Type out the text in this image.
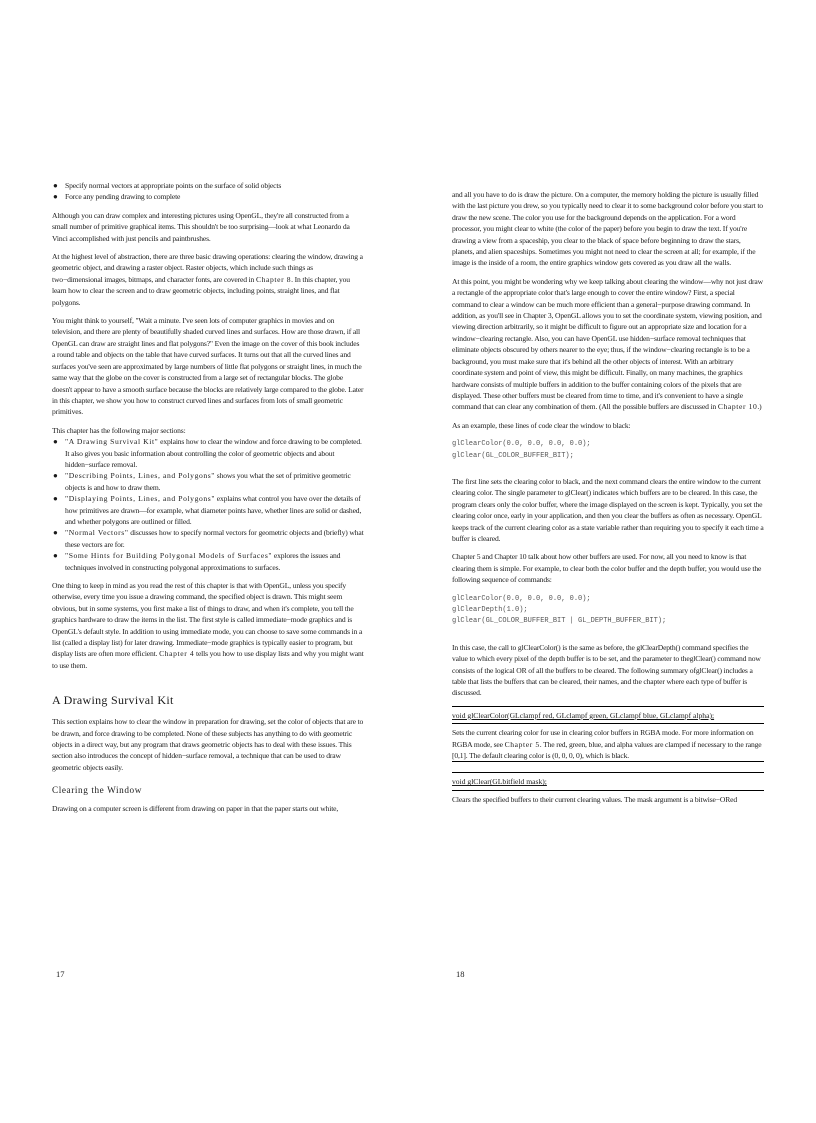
● Specify normal vectors at appropriate points on the surface of solid objects
● Force any pending drawing to complete

Although you can draw complex and interesting pictures using OpenGL, they're all constructed from a small number of primitive graphical items. This shouldn't be too surprising—look at what Leonardo da Vinci accomplished with just pencils and paintbrushes.

At the highest level of abstraction, there are three basic drawing operations: clearing the window, drawing a geometric object, and drawing a raster object. Raster objects, which include such things as two−dimensional images, bitmaps, and character fonts, are covered in Chapter 8. In this chapter, you learn how to clear the screen and to draw geometric objects, including points, straight lines, and flat polygons.

You might think to yourself, "Wait a minute. I've seen lots of computer graphics in movies and on television, and there are plenty of beautifully shaded curved lines and surfaces. How are those drawn, if all OpenGL can draw are straight lines and flat polygons?" Even the image on the cover of this book includes a round table and objects on the table that have curved surfaces. It turns out that all the curved lines and surfaces you've seen are approximated by large numbers of little flat polygons or straight lines, in much the same way that the globe on the cover is constructed from a large set of rectangular blocks. The globe doesn't appear to have a smooth surface because the blocks are relatively large compared to the globe. Later in this chapter, we show you how to construct curved lines and surfaces from lots of small geometric primitives.

This chapter has the following major sections:

● "A Drawing Survival Kit" explains how to clear the window and force drawing to be completed. It also gives you basic information about controlling the color of geometric objects and about hidden−surface removal.
● "Describing Points, Lines, and Polygons" shows you what the set of primitive geometric objects is and how to draw them.
● "Displaying Points, Lines, and Polygons" explains what control you have over the details of how primitives are drawn—for example, what diameter points have, whether lines are solid or dashed, and whether polygons are outlined or filled.
● "Normal Vectors" discusses how to specify normal vectors for geometric objects and (briefly) what these vectors are for.
● "Some Hints for Building Polygonal Models of Surfaces" explores the issues and techniques involved in constructing polygonal approximations to surfaces.

One thing to keep in mind as you read the rest of this chapter is that with OpenGL, unless you specify otherwise, every time you issue a drawing command, the specified object is drawn. This might seem obvious, but in some systems, you first make a list of things to draw, and when it's complete, you tell the graphics hardware to draw the items in the list. The first style is called immediate−mode graphics and is OpenGL's default style. In addition to using immediate mode, you can choose to save some commands in a list (called a display list) for later drawing. Immediate−mode graphics is typically easier to program, but display lists are often more efficient. Chapter 4 tells you how to use display lists and why you might want to use them.

A Drawing Survival Kit

This section explains how to clear the window in preparation for drawing, set the color of objects that are to be drawn, and force drawing to be completed. None of these subjects has anything to do with geometric objects in a direct way, but any program that draws geometric objects has to deal with these issues. This section also introduces the concept of hidden−surface removal, a technique that can be used to draw geometric objects easily.

Clearing the Window

Drawing on a computer screen is different from drawing on paper in that the paper starts out white,

17

and all you have to do is draw the picture. On a computer, the memory holding the picture is usually filled with the last picture you drew, so you typically need to clear it to some background color before you start to draw the new scene. The color you use for the background depends on the application. For a word processor, you might clear to white (the color of the paper) before you begin to draw the text. If you're drawing a view from a spaceship, you clear to the black of space before beginning to draw the stars, planets, and alien spaceships. Sometimes you might not need to clear the screen at all; for example, if the image is the inside of a room, the entire graphics window gets covered as you draw all the walls.

At this point, you might be wondering why we keep talking about clearing the window—why not just draw a rectangle of the appropriate color that's large enough to cover the entire window? First, a special command to clear a window can be much more efficient than a general−purpose drawing command. In addition, as you'll see in Chapter 3, OpenGL allows you to set the coordinate system, viewing position, and viewing direction arbitrarily, so it might be difficult to figure out an appropriate size and location for a window−clearing rectangle. Also, you can have OpenGL use hidden−surface removal techniques that eliminate objects obscured by others nearer to the eye; thus, if the window−clearing rectangle is to be a background, you must make sure that it's behind all the other objects of interest. With an arbitrary coordinate system and point of view, this might be difficult. Finally, on many machines, the graphics hardware consists of multiple buffers in addition to the buffer containing colors of the pixels that are displayed. These other buffers must be cleared from time to time, and it's convenient to have a single command that can clear any combination of them. (All the possible buffers are discussed in Chapter 10.)

As an example, these lines of code clear the window to black:

glClearColor(0.0, 0.0, 0.0, 0.0);
glClear(GL_COLOR_BUFFER_BIT);

The first line sets the clearing color to black, and the next command clears the entire window to the current clearing color. The single parameter to glClear() indicates which buffers are to be cleared. In this case, the program clears only the color buffer, where the image displayed on the screen is kept. Typically, you set the clearing color once, early in your application, and then you clear the buffers as often as necessary. OpenGL keeps track of the current clearing color as a state variable rather than requiring you to specify it each time a buffer is cleared.

Chapter 5 and Chapter 10 talk about how other buffers are used. For now, all you need to know is that clearing them is simple. For example, to clear both the color buffer and the depth buffer, you would use the following sequence of commands:

glClearColor(0.0, 0.0, 0.0, 0.0);
glClearDepth(1.0);
glClear(GL_COLOR_BUFFER_BIT | GL_DEPTH_BUFFER_BIT);

In this case, the call to glClearColor() is the same as before, the glClearDepth() command specifies the value to which every pixel of the depth buffer is to be set, and the parameter to theglClear() command now consists of the logical OR of all the buffers to be cleared. The following summary ofglClear() includes a table that lists the buffers that can be cleared, their names, and the chapter where each type of buffer is discussed.

void glClearColor(GLclampf red, GLclampf green, GLclampf blue, GLclampf alpha);

Sets the current clearing color for use in clearing color buffers in RGBA mode. For more information on RGBA mode, see Chapter 5. The red, green, blue, and alpha values are clamped if necessary to the range [0,1]. The default clearing color is (0, 0, 0, 0), which is black.

void glClear(GLbitfield mask);

Clears the specified buffers to their current clearing values. The mask argument is a bitwise−ORed

18
